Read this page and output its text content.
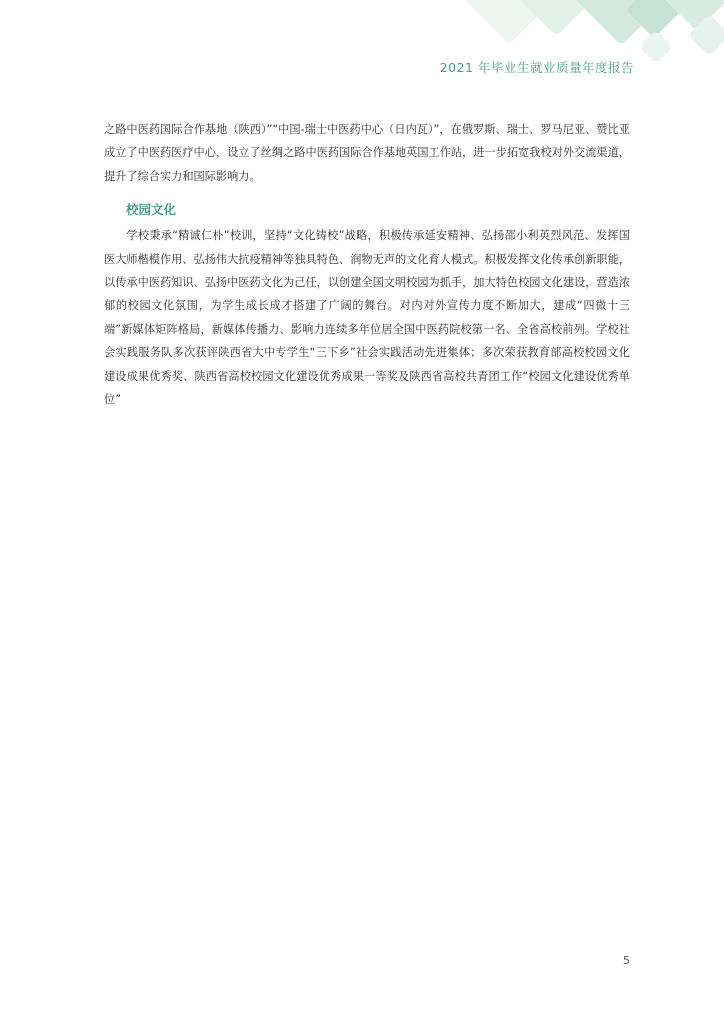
2021 年毕业生就业质量年度报告

之路中医药国际合作基地（陕西）”“中国-瑞士中医药中心（日内瓦）”，在俄罗斯、瑞士、罗马尼亚、赞比亚成立了中医药医疗中心，设立了丝绸之路中医药国际合作基地英国工作站，进一步拓宽我校对外交流渠道，提升了综合实力和国际影响力。

校园文化

学校秉承“精诚仁朴”校训，坚持“文化铸校”战略，积极传承延安精神、弘扬邵小利英烈风范、发挥国医大师楷模作用、弘扬伟大抗疫精神等独具特色、润物无声的文化育人模式。积极发挥文化传承创新职能，以传承中医药知识、弘扬中医药文化为己任，以创建全国文明校园为抓手，加大特色校园文化建设，营造浓郁的校园文化氛围，为学生成长成才搭建了广阔的舞台。对内对外宣传力度不断加大，建成“四微十三端”新媒体矩阵格局，新媒体传播力、影响力连续多年位居全国中医药院校第一名、全省高校前列。学校社会实践服务队多次获评陕西省大中专学生“三下乡”社会实践活动先进集体；多次荣获教育部高校校园文化建设成果优秀奖、陕西省高校校园文化建设优秀成果一等奖及陕西省高校共青团工作“校园文化建设优秀单位”

5
